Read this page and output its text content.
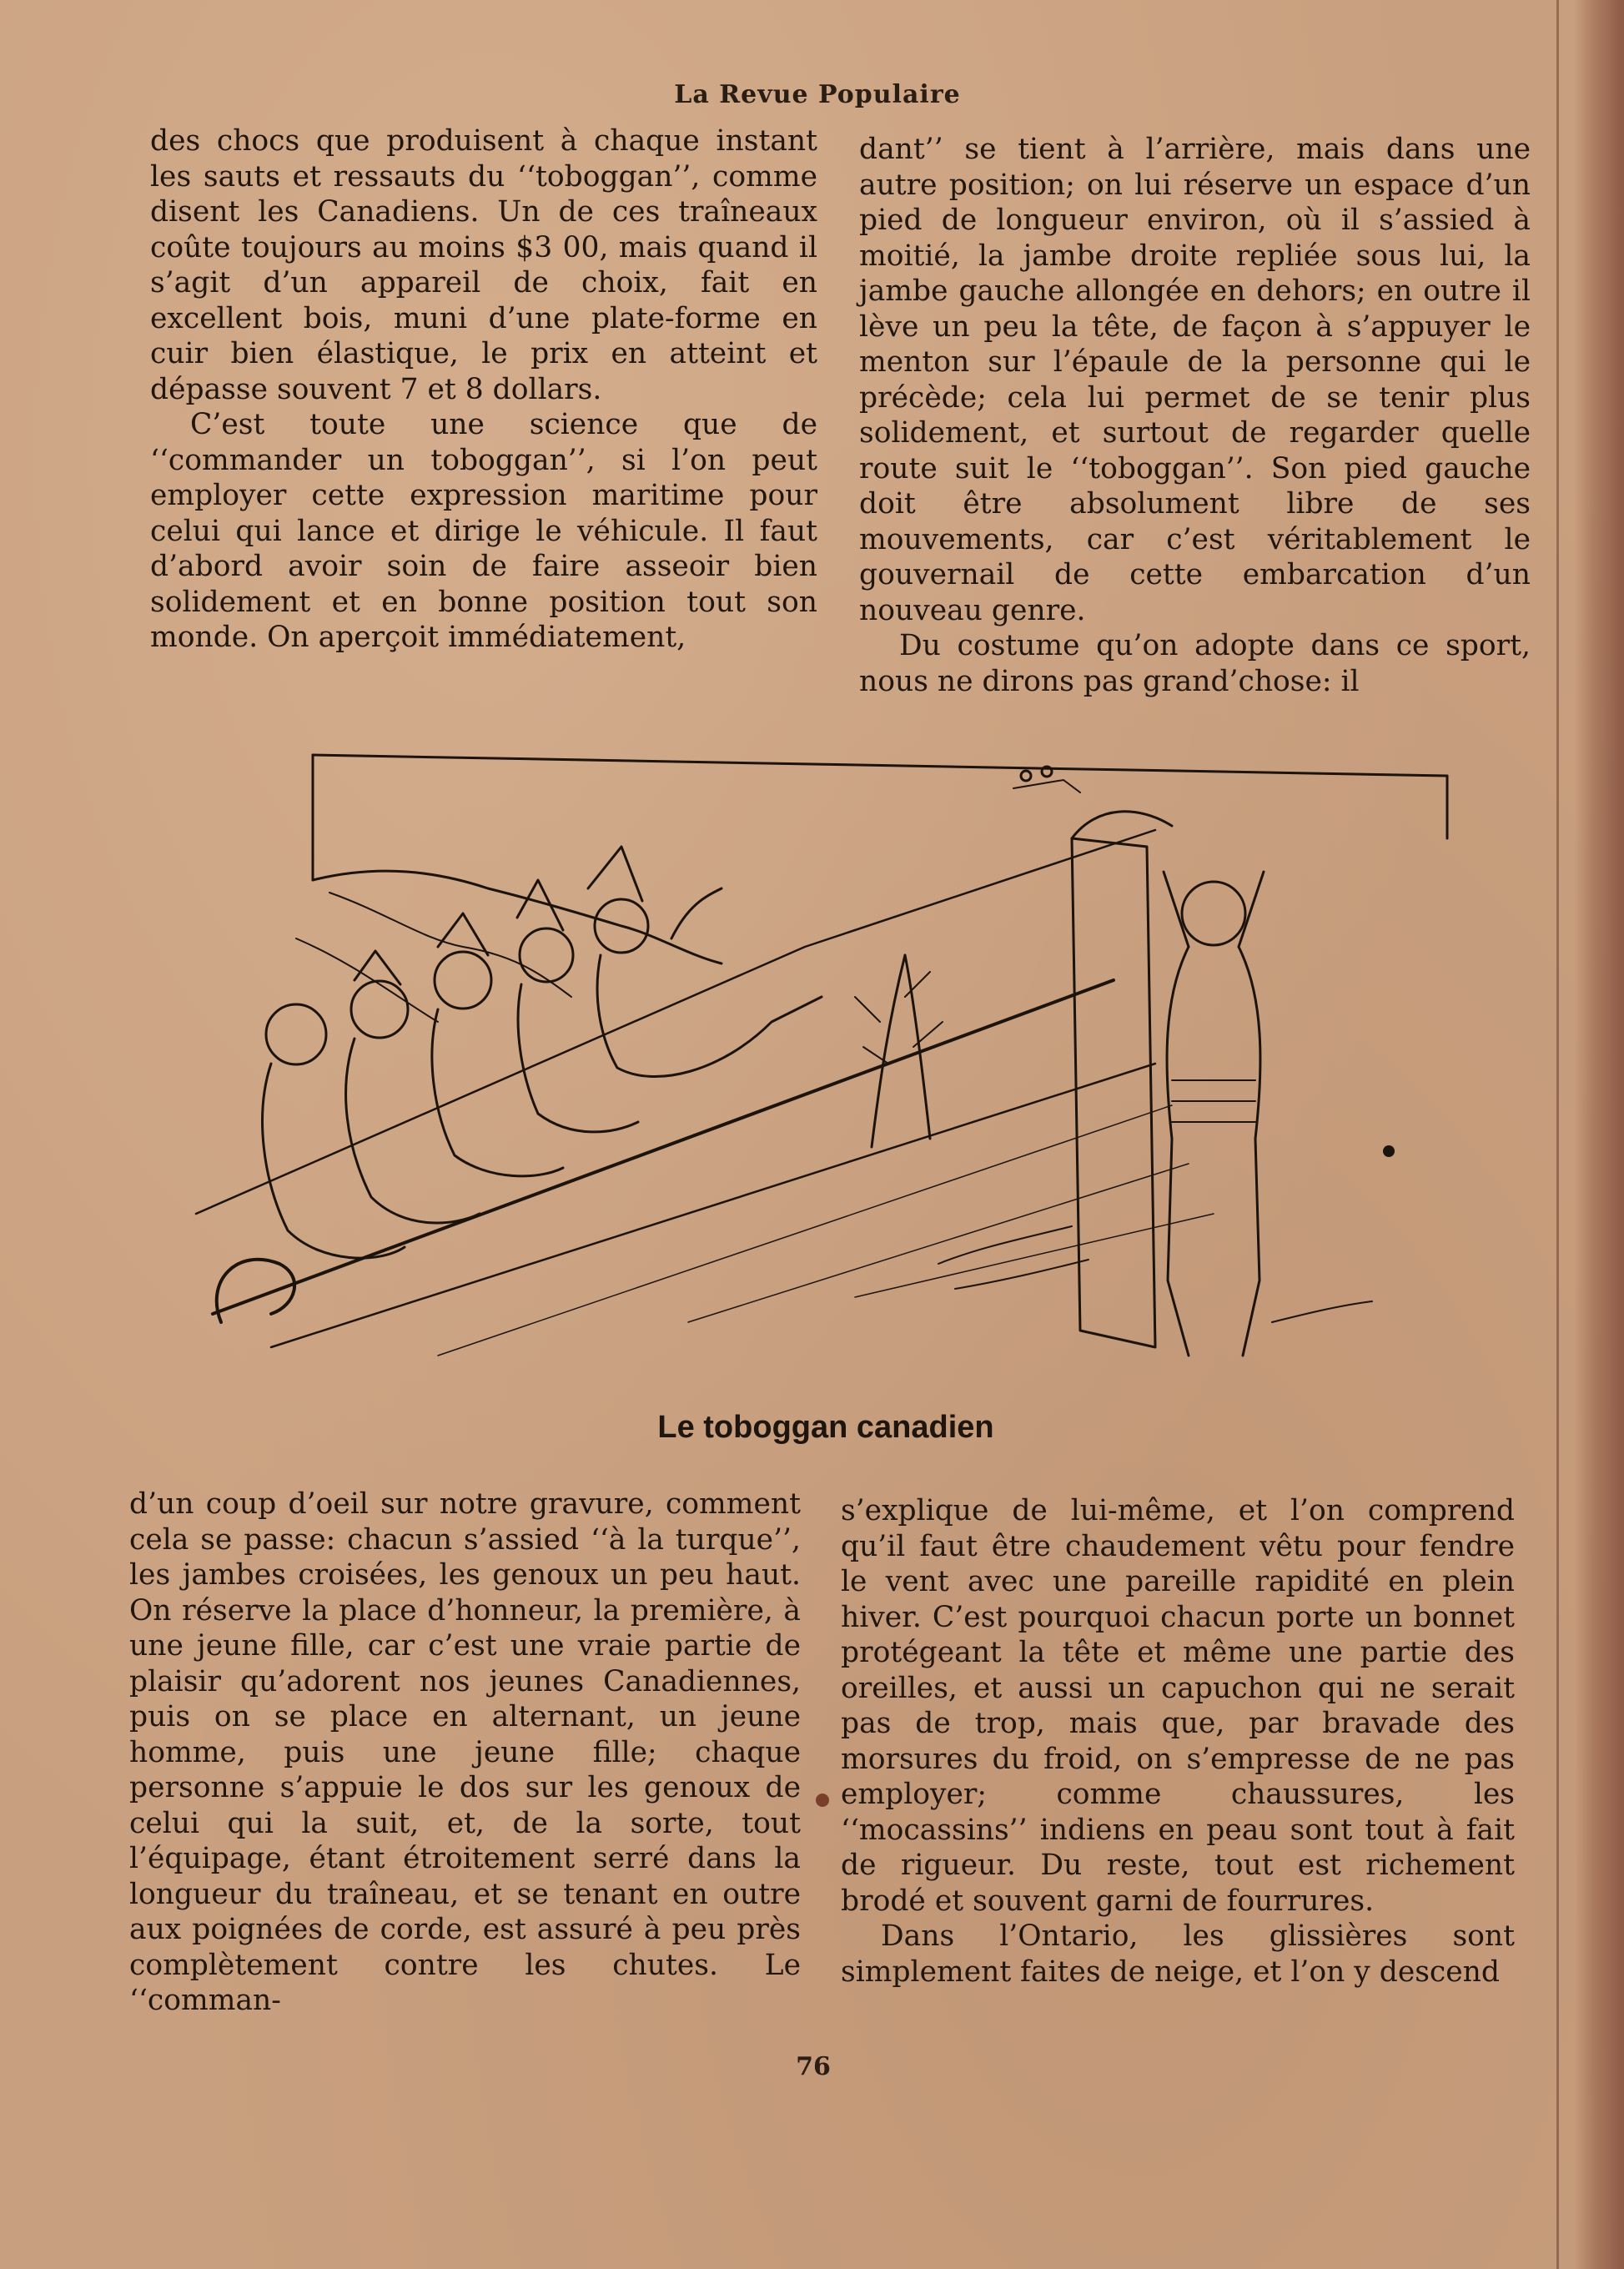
La Revue Populaire

des chocs que produisent à chaque instant les sauts et ressauts du ‘‘toboggan’’, comme disent les Canadiens. Un de ces traîneaux coûte toujours au moins $3 00, mais quand il s’agit d’un appareil de choix, fait en excellent bois, muni d’une plate-forme en cuir bien élastique, le prix en atteint et dépasse souvent 7 et 8 dollars.

C’est toute une science que de ‘‘commander un toboggan’’, si l’on peut employer cette expression maritime pour celui qui lance et dirige le véhicule. Il faut d’abord avoir soin de faire asseoir bien solidement et en bonne position tout son monde. On aperçoit immédiatement,

dant’’ se tient à l’arrière, mais dans une autre position; on lui réserve un espace d’un pied de longueur environ, où il s’assied à moitié, la jambe droite repliée sous lui, la jambe gauche allongée en dehors; en outre il lève un peu la tête, de façon à s’appuyer le menton sur l’épaule de la personne qui le précède; cela lui permet de se tenir plus solidement, et surtout de regarder quelle route suit le ‘‘toboggan’’. Son pied gauche doit être absolument libre de ses mouvements, car c’est véritablement le gouvernail de cette embarcation d’un nouveau genre.

Du costume qu’on adopte dans ce sport, nous ne dirons pas grand’chose: il

Le toboggan canadien

d’un coup d’oeil sur notre gravure, comment cela se passe: chacun s’assied ‘‘à la turque’’, les jambes croisées, les genoux un peu haut. On réserve la place d’honneur, la première, à une jeune fille, car c’est une vraie partie de plaisir qu’adorent nos jeunes Canadiennes, puis on se place en alternant, un jeune homme, puis une jeune fille; chaque personne s’appuie le dos sur les genoux de celui qui la suit, et, de la sorte, tout l’équipage, étant étroitement serré dans la longueur du traîneau, et se tenant en outre aux poignées de corde, est assuré à peu près complètement contre les chutes. Le ‘‘comman-

s’explique de lui-même, et l’on comprend qu’il faut être chaudement vêtu pour fendre le vent avec une pareille rapidité en plein hiver. C’est pourquoi chacun porte un bonnet protégeant la tête et même une partie des oreilles, et aussi un capuchon qui ne serait pas de trop, mais que, par bravade des morsures du froid, on s’empresse de ne pas employer; comme chaussures, les ‘‘mocassins’’ indiens en peau sont tout à fait de rigueur. Du reste, tout est richement brodé et souvent garni de fourrures.

Dans l’Ontario, les glissières sont simplement faites de neige, et l’on y descend

76
